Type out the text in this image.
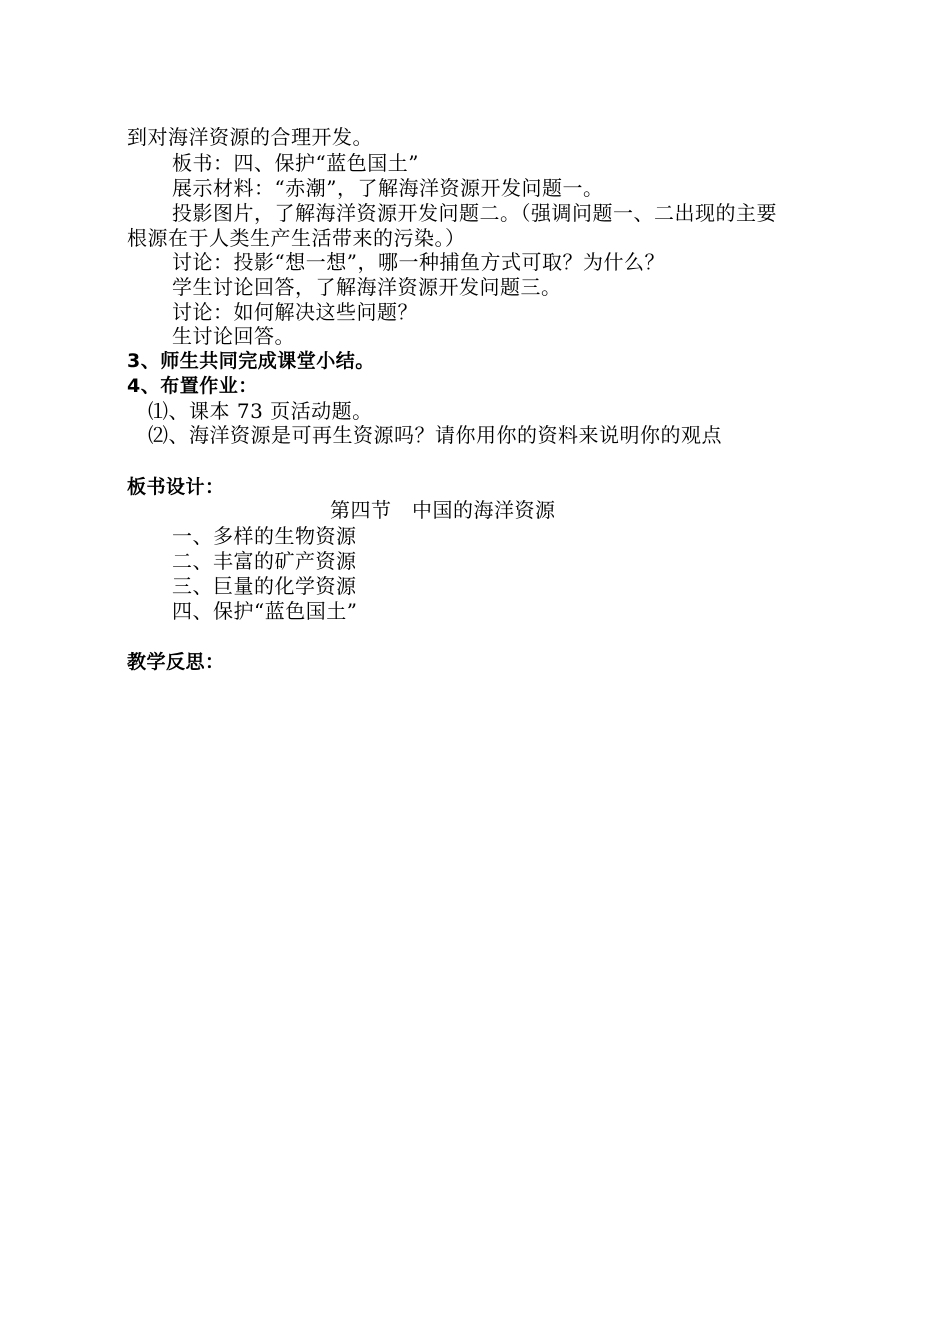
到对海洋资源的合理开发。
板书：四、保护“蓝色国土”
展示材料：“赤潮”，了解海洋资源开发问题一。
投影图片，了解海洋资源开发问题二。（强调问题一、二出现的主要
根源在于人类生产生活带来的污染。）
讨论：投影“想一想”，哪一种捕鱼方式可取？为什么？
学生讨论回答，了解海洋资源开发问题三。
讨论：如何解决这些问题？
生讨论回答。
3、师生共同完成课堂小结。
4、布置作业：
⑴、课本 73 页活动题。
⑵、海洋资源是可再生资源吗？请你用你的资料来说明你的观点
板书设计：
第四节　中国的海洋资源
一、多样的生物资源
二、丰富的矿产资源
三、巨量的化学资源
四、保护“蓝色国土”
教学反思：
